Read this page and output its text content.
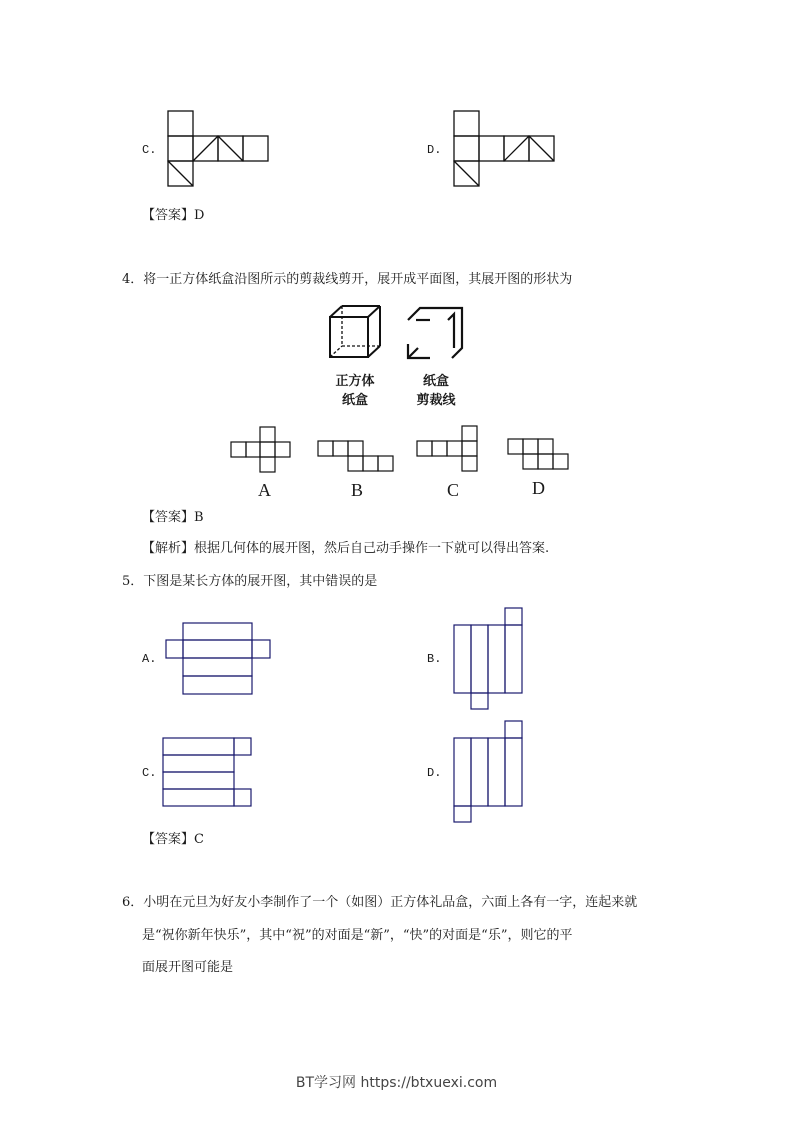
C.	D.
【答案】D
4．将一正方体纸盒沿图所示的剪裁线剪开，展开成平面图，其展开图的形状为
正方体
纸盒
纸盒
剪裁线
A	B	C	D
【答案】B
【解析】根据几何体的展开图，然后自己动手操作一下就可以得出答案.
5．下图是某长方体的展开图，其中错误的是
A.	B.
C.	D.
【答案】C
6．小明在元旦为好友小李制作了一个（如图）正方体礼品盒，六面上各有一字，连起来就
是“祝你新年快乐”，其中“祝”的对面是“新”，“快”的对面是“乐”，则它的平
面展开图可能是
BT学习网 https://btxuexi.com
